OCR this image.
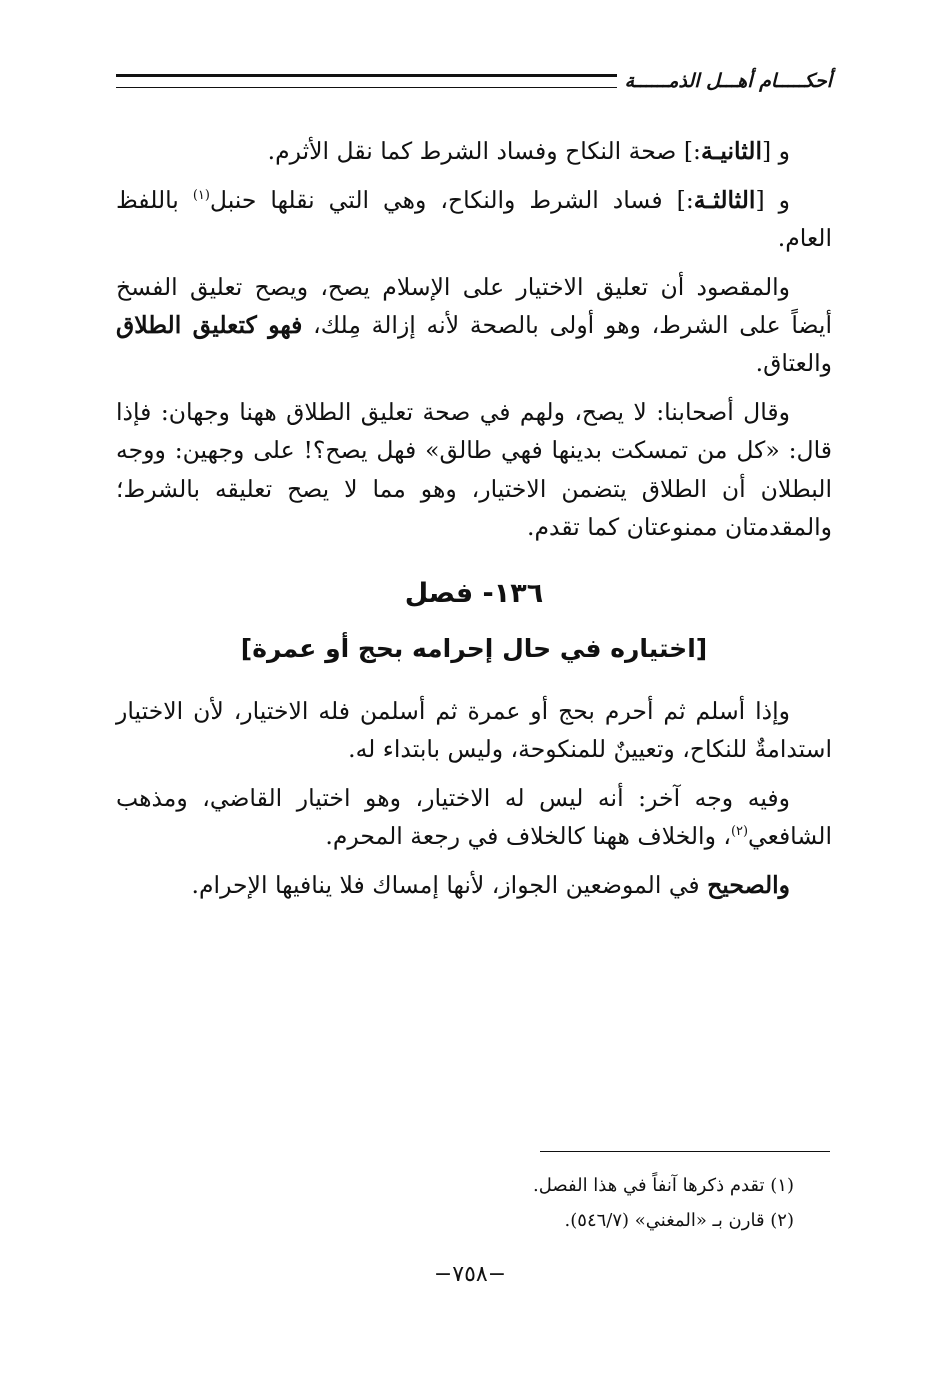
أحكـــــام أهـــل الذمــــــة

و [الثانيـة:] صحة النكاح وفساد الشرط كما نقل الأثرم.

و [الثالثـة:] فساد الشرط والنكاح، وهي التي نقلها حنبل$^{(١)}$ باللفظ العام.

والمقصود أن تعليق الاختيار على الإسلام يصح، ويصح تعليق الفسخ أيضاً على الشرط، وهو أولى بالصحة لأنه إزالة مِلك، فهو كتعليق الطلاق والعتاق.

وقال أصحابنا: لا يصح، ولهم في صحة تعليق الطلاق ههنا وجهان: فإذا قال: «كل من تمسكت بدينها فهي طالق» فهل يصح؟! على وجهين: ووجه البطلان أن الطلاق يتضمن الاختيار، وهو مما لا يصح تعليقه بالشرط؛ والمقدمتان ممنوعتان كما تقدم.

١٣٦- فصل
[اختياره في حال إحرامه بحج أو عمرة]

وإذا أسلم ثم أحرم بحج أو عمرة ثم أسلمن فله الاختيار، لأن الاختيار استدامةٌ للنكاح، وتعيينٌ للمنكوحة، وليس بابتداء له.

وفيه وجه آخر: أنه ليس له الاختيار، وهو اختيار القاضي، ومذهب الشافعي$^{(٢)}$، والخلاف ههنا كالخلاف في رجعة المحرم.

والصحيح في الموضعين الجواز، لأنها إمساك فلا ينافيها الإحرام.

(١) تقدم ذكرها آنفاً في هذا الفصل.
(٢) قارن بـ «المغني» (٥٤٦/٧).
−٧٥٨−
